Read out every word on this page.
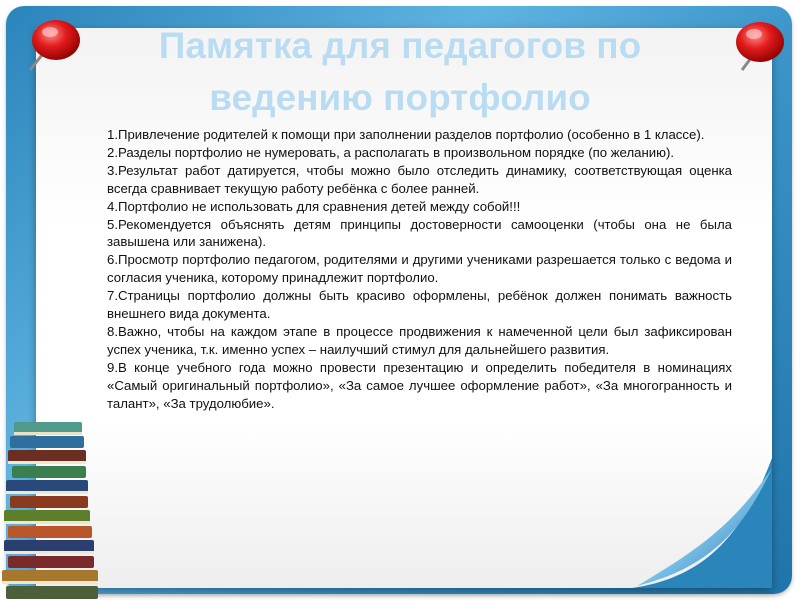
Памятка для педагогов по
ведению портфолио

1.Привлечение родителей к помощи при заполнении разделов портфолио (особенно в 1 классе).

2.Разделы портфолио не нумеровать, а располагать в произвольном порядке (по желанию).

3.Результат работ датируется, чтобы можно было отследить динамику, соответствующая оценка всегда сравнивает текущую работу ребёнка с более ранней.

4.Портфолио не использовать для сравнения детей между собой!!!

5.Рекомендуется объяснять детям принципы достоверности самооценки (чтобы она не была завышена или занижена).

6.Просмотр портфолио педагогом, родителями и другими учениками разрешается только с ведома и согласия ученика, которому принадлежит портфолио.

7.Страницы портфолио должны быть красиво оформлены, ребёнок должен понимать важность внешнего вида документа.

8.Важно, чтобы на каждом этапе в процессе продвижения к намеченной цели был зафиксирован успех ученика, т.к. именно успех – наилучший стимул для дальнейшего развития.

9.В конце учебного года можно провести презентацию и определить победителя в номинациях «Самый оригинальный портфолио», «За самое лучшее оформление работ», «За многогранность и талант», «За трудолюбие».
